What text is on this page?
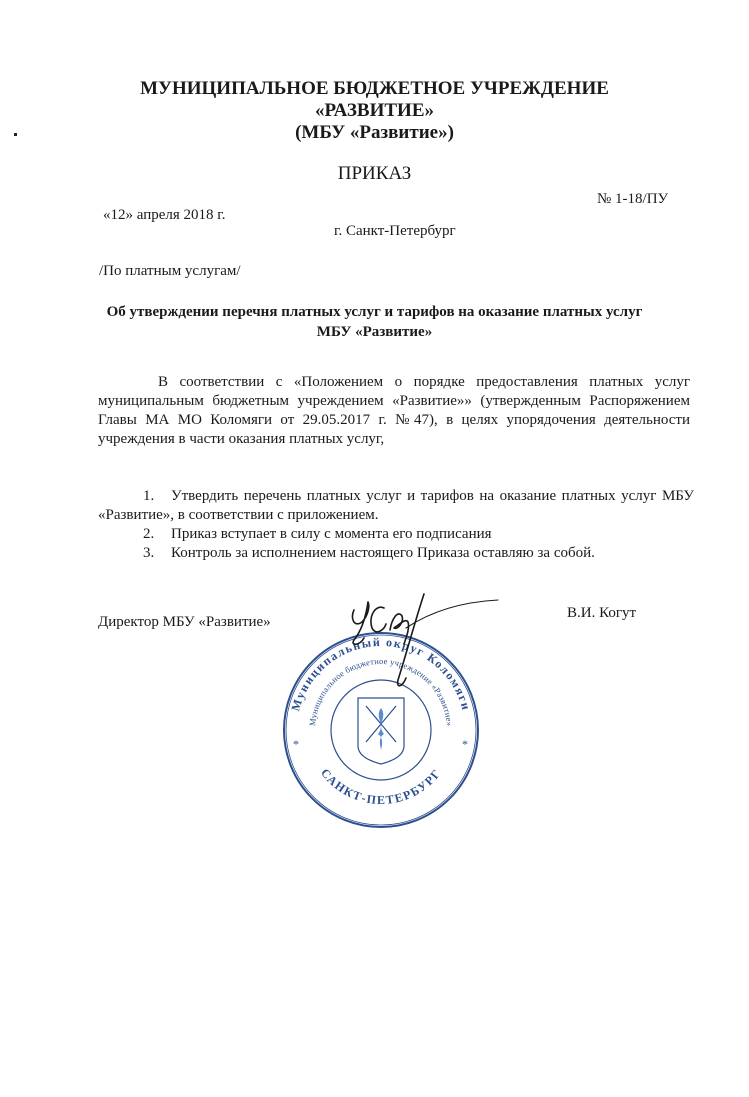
МУНИЦИПАЛЬНОЕ БЮДЖЕТНОЕ УЧРЕЖДЕНИЕ
«РАЗВИТИЕ»
(МБУ «Развитие»)
ПРИКАЗ
№ 1-18/ПУ
«12» апреля 2018 г.
г. Санкт-Петербург
/По платным услугам/
Об утверждении перечня платных услуг и тарифов на оказание платных услуг
МБУ «Развитие»
В соответствии с «Положением о порядке предоставления платных услуг
муниципальным бюджетным учреждением «Развитие»» (утвержденным Распоряжением
Главы МА МО Коломяги от 29.05.2017 г. №47), в целях упорядочения деятельности
учреждения в части оказания платных услуг,
1. Утвердить перечень платных услуг и тарифов на оказание платных услуг МБУ
«Развитие», в соответствии с приложением.
2. Приказ вступает в силу с момента его подписания
3. Контроль за исполнением настоящего Приказа оставляю за собой.
Директор МБУ «Развитие»
В.И. Когут
Муниципальный округ Коломяги
Муниципальное бюджетное учреждение «Развитие»
САНКТ-ПЕТЕРБУРГ
*	*
